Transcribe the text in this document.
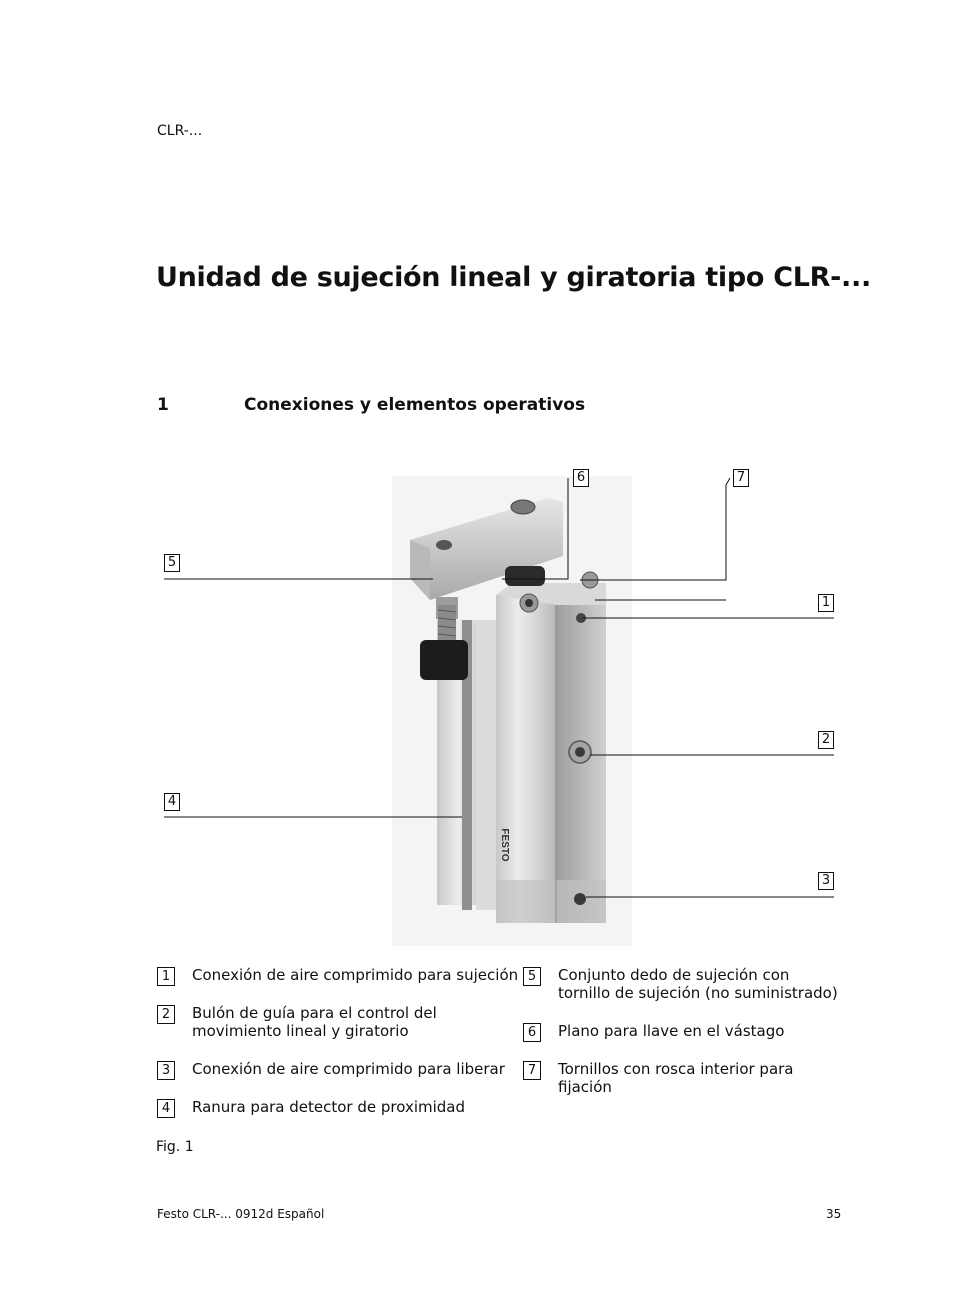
CLR-...
Unidad de sujeción lineal y giratoria tipo CLR-...
1	Conexiones y elementos operativos
FESTO
6	7
5
1
2
4
3
1	Conexión de aire comprimido para sujeción
2	Bulón de guía para el control del
movimiento lineal y giratorio
3	Conexión de aire comprimido para liberar
4	Ranura para detector de proximidad
5	Conjunto dedo de sujeción con
tornillo de sujeción (no suministrado)
6	Plano para llave en el vástago
7	Tornillos con rosca interior para
fijación
Fig. 1
Festo CLR-... 0912d Español	35
